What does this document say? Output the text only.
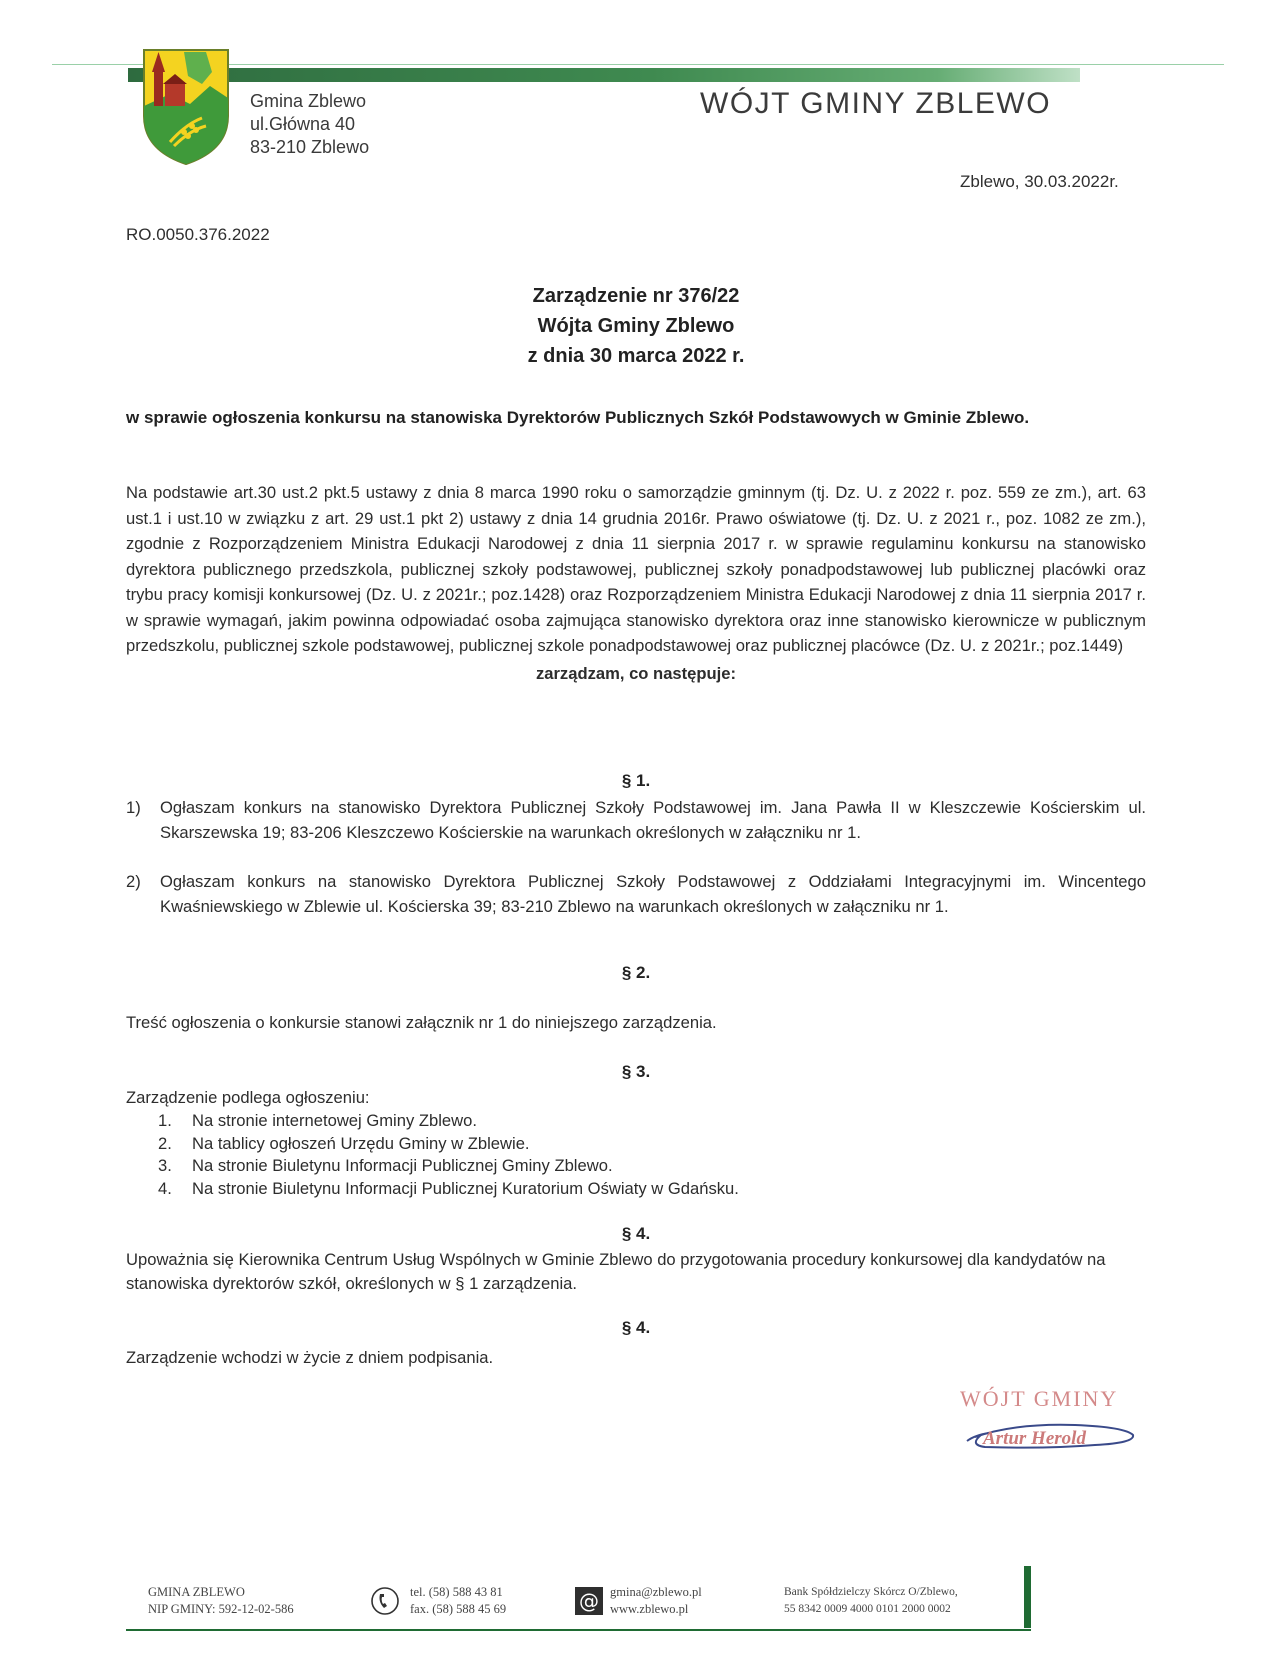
Gmina Zblewo
ul.Główna 40
83-210 Zblewo
WÓJT GMINY ZBLEWO
Zblewo, 30.03.2022r.
RO.0050.376.2022
Zarządzenie nr 376/22
Wójta Gminy Zblewo
z dnia 30 marca 2022 r.
w sprawie ogłoszenia konkursu na stanowiska Dyrektorów Publicznych Szkół Podstawowych w Gminie Zblewo.
Na podstawie art.30 ust.2 pkt.5 ustawy z dnia 8 marca 1990 roku o samorządzie gminnym (tj. Dz. U. z 2022 r. poz. 559 ze zm.), art. 63 ust.1 i ust.10 w związku z art. 29 ust.1 pkt 2) ustawy z dnia 14 grudnia 2016r. Prawo oświatowe (tj. Dz. U. z 2021 r., poz. 1082 ze zm.), zgodnie z Rozporządzeniem Ministra Edukacji Narodowej z dnia 11 sierpnia 2017 r. w sprawie regulaminu konkursu na stanowisko dyrektora publicznego przedszkola, publicznej szkoły podstawowej, publicznej szkoły ponadpodstawowej lub publicznej placówki oraz trybu pracy komisji konkursowej (Dz. U. z 2021r.; poz.1428) oraz Rozporządzeniem Ministra Edukacji Narodowej z dnia 11 sierpnia 2017 r. w sprawie wymagań, jakim powinna odpowiadać osoba zajmująca stanowisko dyrektora oraz inne stanowisko kierownicze w publicznym przedszkolu, publicznej szkole podstawowej, publicznej szkole ponadpodstawowej oraz publicznej placówce (Dz. U. z 2021r.; poz.1449)
zarządzam, co następuje:
§ 1.
1) Ogłaszam konkurs na stanowisko Dyrektora Publicznej Szkoły Podstawowej im. Jana Pawła II w Kleszczewie Kościerskim ul. Skarszewska 19; 83-206 Kleszczewo Kościerskie na warunkach określonych w załączniku nr 1.
2) Ogłaszam konkurs na stanowisko Dyrektora Publicznej Szkoły Podstawowej z Oddziałami Integracyjnymi im. Wincentego Kwaśniewskiego w Zblewie ul. Kościerska 39; 83-210 Zblewo na warunkach określonych w załączniku nr 1.
§ 2.
Treść ogłoszenia o konkursie stanowi załącznik nr 1 do niniejszego zarządzenia.
§ 3.
Zarządzenie podlega ogłoszeniu:
1. Na stronie internetowej Gminy Zblewo.
2. Na tablicy ogłoszeń Urzędu Gminy w Zblewie.
3. Na stronie Biuletynu Informacji Publicznej Gminy Zblewo.
4. Na stronie Biuletynu Informacji Publicznej Kuratorium Oświaty w Gdańsku.
§ 4.
Upoważnia się Kierownika Centrum Usług Wspólnych w Gminie Zblewo do przygotowania procedury konkursowej dla kandydatów na stanowiska dyrektorów szkół, określonych w § 1 zarządzenia.
§ 4.
Zarządzenie wchodzi w życie z dniem podpisania.
WÓJT GMINY
Artur Herold
GMINA ZBLEWO
NIP GMINY: 592-12-02-586
tel. (58) 588 43 81
fax. (58) 588 45 69	@ gmina@zblewo.pl
www.zblewo.pl
Bank Spółdzielczy Skórcz O/Zblewo,
55 8342 0009 4000 0101 2000 0002
